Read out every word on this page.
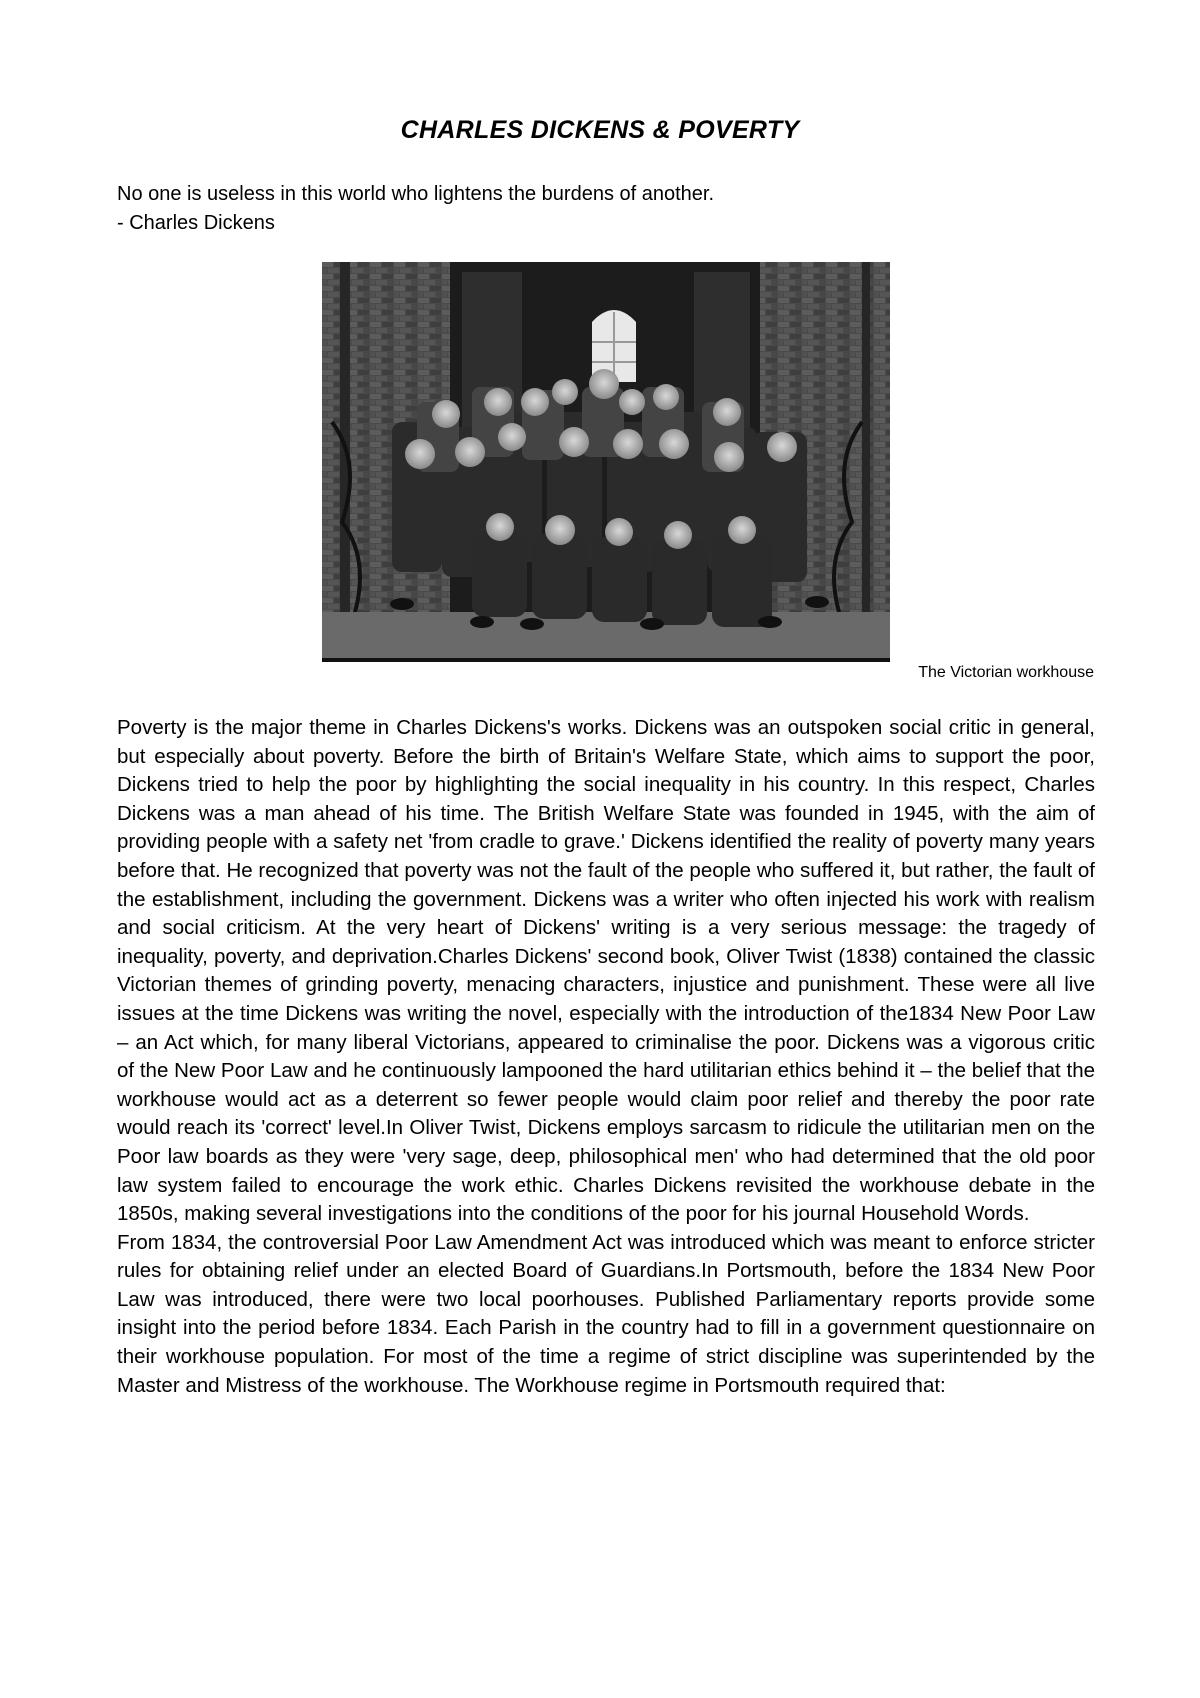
CHARLES DICKENS & POVERTY
No one is useless in this world who lightens the burdens of another.
- Charles Dickens
The Victorian workhouse

Poverty is the major theme in Charles Dickens's works. Dickens was an outspoken social critic in general, but especially about poverty. Before the birth of Britain's Welfare State, which aims to support the poor, Dickens tried to help the poor by highlighting the social inequality in his country. In this respect, Charles Dickens was a man ahead of his time. The British Welfare State was founded in 1945, with the aim of providing people with a safety net 'from cradle to grave.' Dickens identified the reality of poverty many years before that. He recognized that poverty was not the fault of the people who suffered it, but rather, the fault of the establishment, including the government. Dickens was a writer who often injected his work with realism and social criticism. At the very heart of Dickens' writing is a very serious message: the tragedy of inequality, poverty, and deprivation.Charles Dickens' second book, Oliver Twist (1838) contained the classic Victorian themes of grinding poverty, menacing characters, injustice and punishment. These were all live issues at the time Dickens was writing the novel, especially with the introduction of the1834 New Poor Law – an Act which, for many liberal Victorians, appeared to criminalise the poor. Dickens was a vigorous critic of the New Poor Law and he continuously lampooned the hard utilitarian ethics behind it – the belief that the workhouse would act as a deterrent so fewer people would claim poor relief and thereby the poor rate would reach its 'correct' level.In Oliver Twist, Dickens employs sarcasm to ridicule the utilitarian men on the Poor law boards as they were 'very sage, deep, philosophical men' who had determined that the old poor law system failed to encourage the work ethic. Charles Dickens revisited the workhouse debate in the 1850s, making several investigations into the conditions of the poor for his journal Household Words.

From 1834, the controversial Poor Law Amendment Act was introduced which was meant to enforce stricter rules for obtaining relief under an elected Board of Guardians.In Portsmouth, before the 1834 New Poor Law was introduced, there were two local poorhouses. Published Parliamentary reports provide some insight into the period before 1834. Each Parish in the country had to fill in a government questionnaire on their workhouse population. For most of the time a regime of strict discipline was superintended by the Master and Mistress of the workhouse. The Workhouse regime in Portsmouth required that:
